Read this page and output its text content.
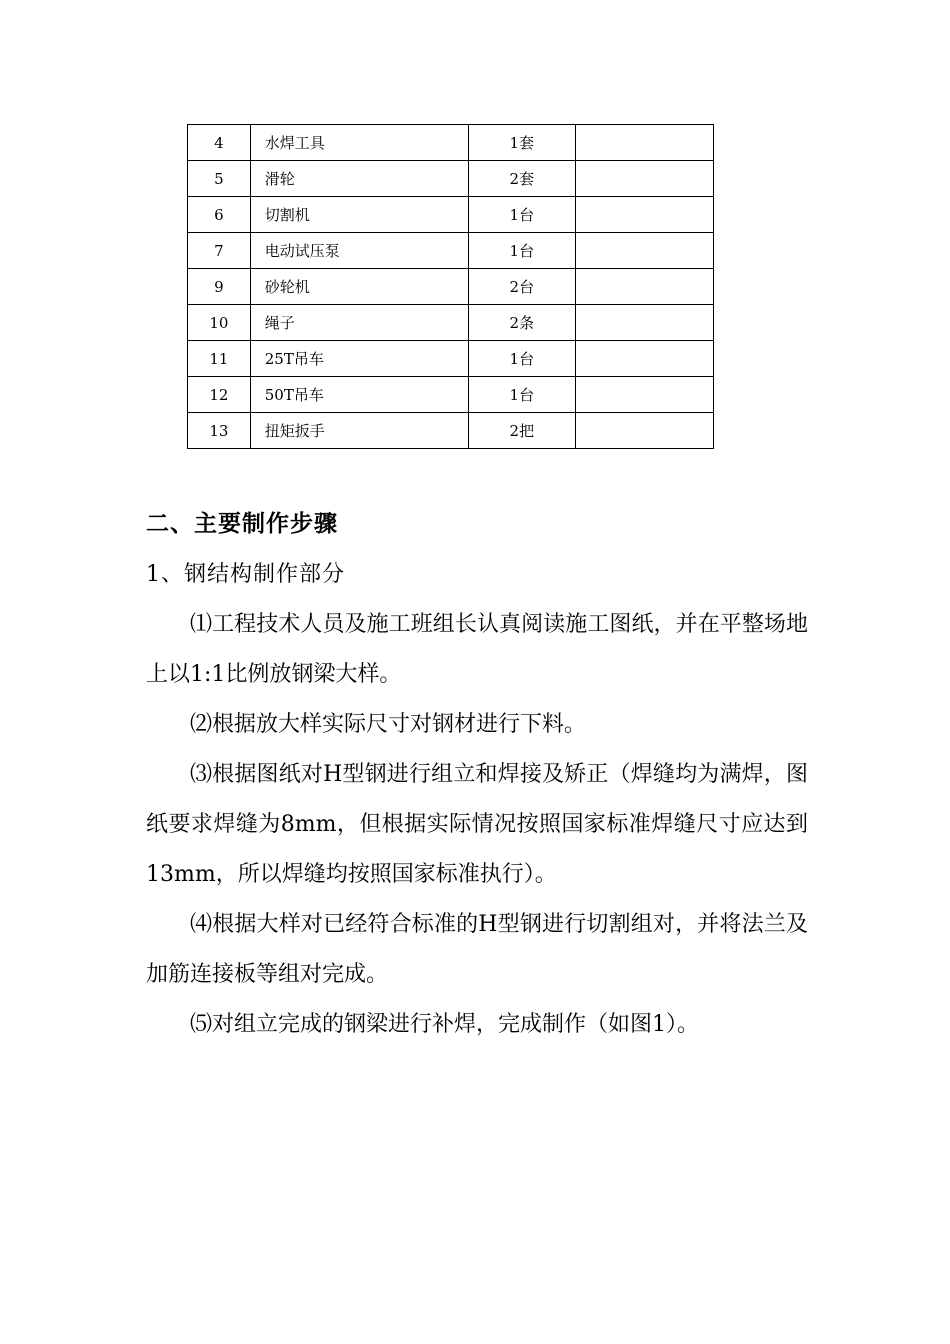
4	水焊工具	1套	
5	滑轮	2套	
6	切割机	1台	
7	电动试压泵	1台	
9	砂轮机	2台	
10	绳子	2条	
11	25T吊车	1台	
12	50T吊车	1台	
13	扭矩扳手	2把	
二、主要制作步骤
1、钢结构制作部分

⑴工程技术人员及施工班组长认真阅读施工图纸，并在平整场地上以1:1比例放钢梁大样。

⑵根据放大样实际尺寸对钢材进行下料。

⑶根据图纸对H型钢进行组立和焊接及矫正（焊缝均为满焊，图纸要求焊缝为8mm，但根据实际情况按照国家标准焊缝尺寸应达到13mm，所以焊缝均按照国家标准执行）。

⑷根据大样对已经符合标准的H型钢进行切割组对，并将法兰及加筋连接板等组对完成。

⑸对组立完成的钢梁进行补焊，完成制作（如图1）。
